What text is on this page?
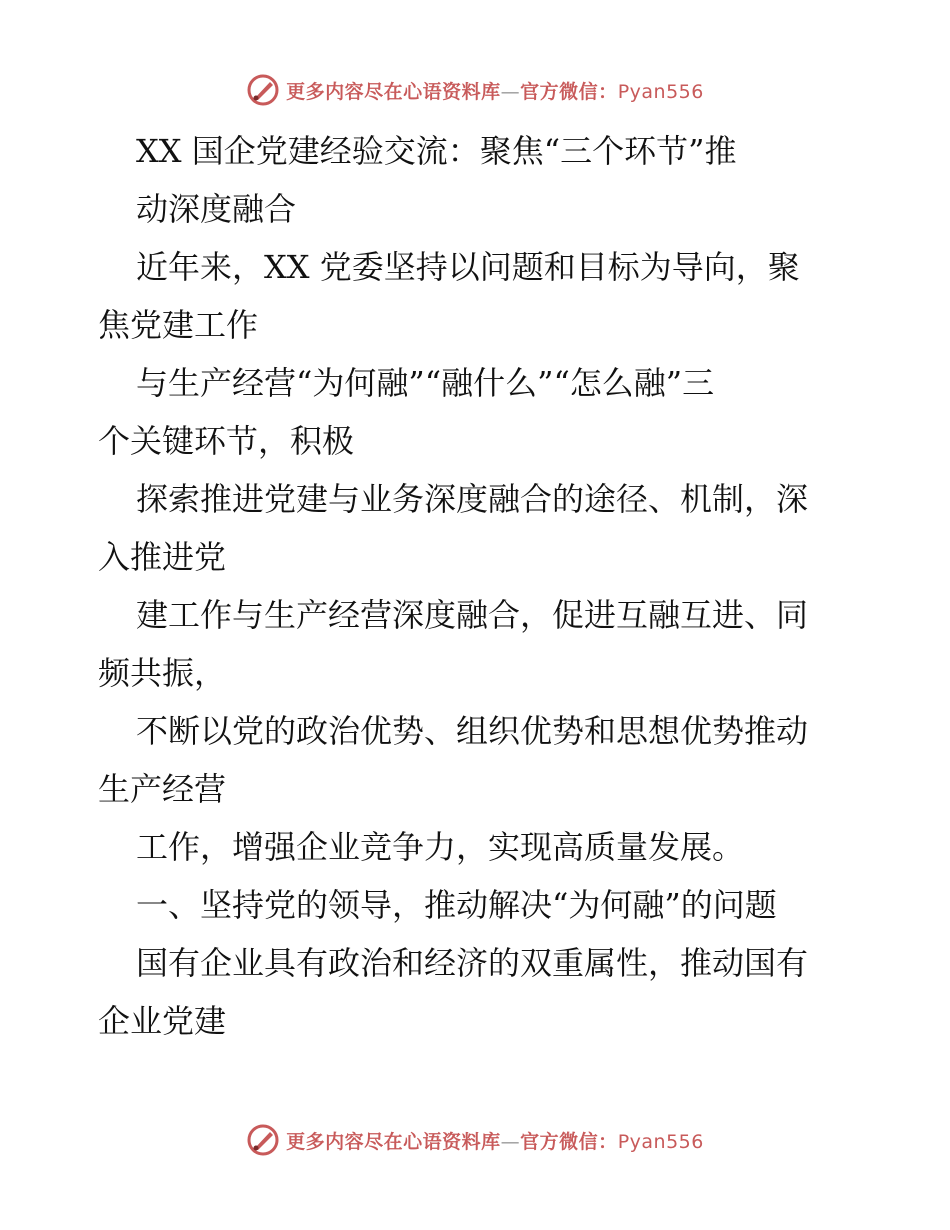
更多内容尽在心语资料库—官方微信：Pyan556
XX 国企党建经验交流：聚焦“三个环节”推
动深度融合
近年来，XX 党委坚持以问题和目标为导向，聚
焦党建工作
与生产经营“为何融”“融什么”“怎么融”三
个关键环节，积极
探索推进党建与业务深度融合的途径、机制，深
入推进党
建工作与生产经营深度融合，促进互融互进、同
频共振，
不断以党的政治优势、组织优势和思想优势推动
生产经营
工作，增强企业竞争力，实现高质量发展。
一、坚持党的领导，推动解决“为何融”的问题
国有企业具有政治和经济的双重属性，推动国有
企业党建
更多内容尽在心语资料库—官方微信：Pyan556
